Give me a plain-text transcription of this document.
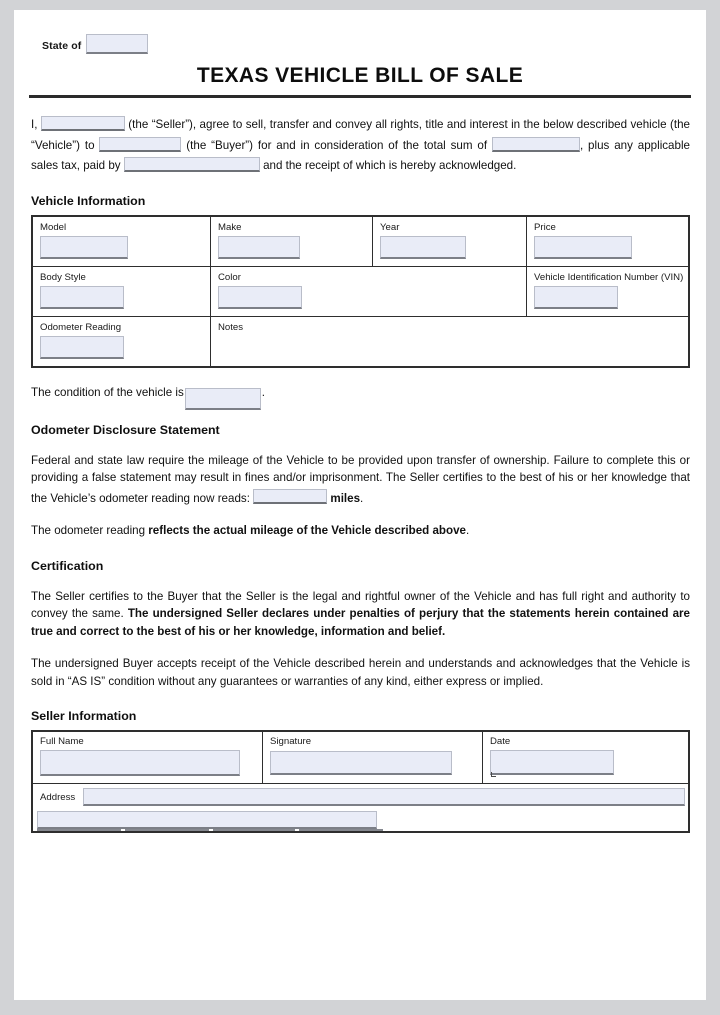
State of
TEXAS VEHICLE BILL OF SALE
I,	(the “Seller”), agree to sell, transfer and convey all rights, title and interest in the below described vehicle (the “Vehicle”) to	(the “Buyer”) for and in consideration of the total sum of	, plus any applicable sales tax, paid by	and the receipt of which is hereby acknowledged.
Vehicle Information
Model	Make	Year	Price

Body Style	Color		Vehicle Identification Number (VIN)

Odometer Reading	Notes		
The condition of the vehicle is	.
Odometer Disclosure Statement
Federal and state law require the mileage of the Vehicle to be provided upon transfer of ownership. Failure to complete this or providing a false statement may result in fines and/or imprisonment. The Seller certifies to the best of his or her knowledge that the Vehicle’s odometer reading now reads:	miles.
The odometer reading reflects the actual mileage of the Vehicle described above.
Certification
The Seller certifies to the Buyer that the Seller is the legal and rightful owner of the Vehicle and has full right and authority to convey the same. The undersigned Seller declares under penalties of perjury that the statements herein contained are true and correct to the best of his or her knowledge, information and belief.
The undersigned Buyer accepts receipt of the Vehicle described herein and understands and acknowledges that the Vehicle is sold in “AS IS” condition without any guarantees or warranties of any kind, either express or implied.
Seller Information
Full Name	Signature	Date

Address
